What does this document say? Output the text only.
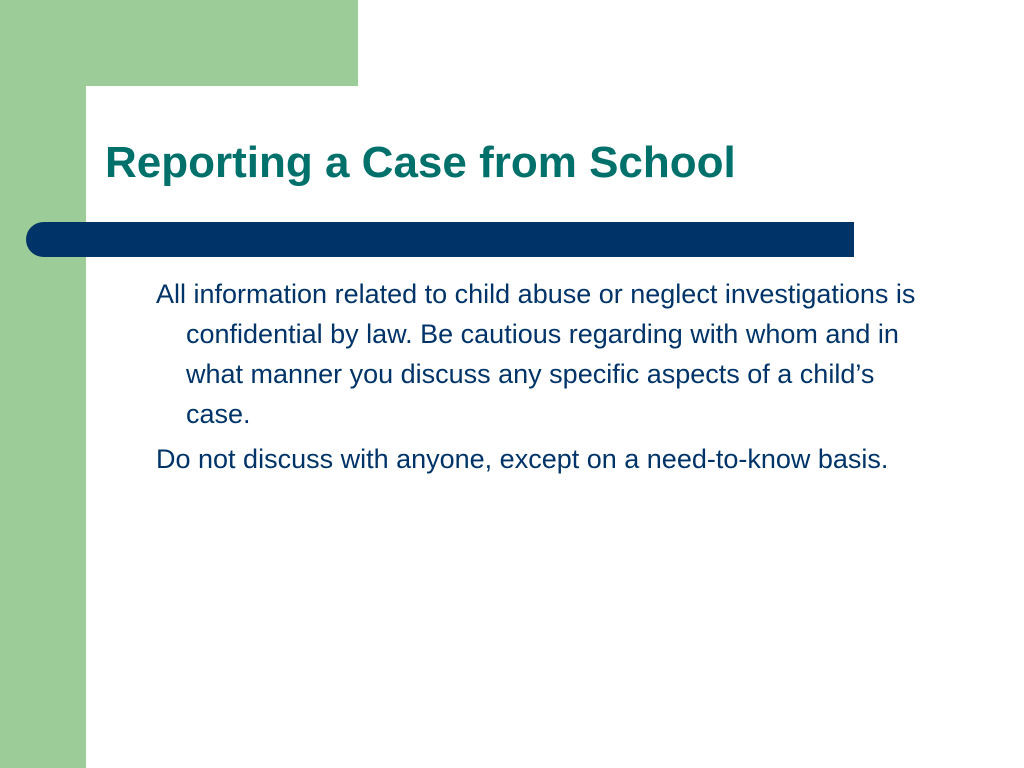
Reporting a Case from School
All information related to child abuse or neglect investigations is confidential by law. Be cautious regarding with whom and in what manner you discuss any specific aspects of a child’s case.
Do not discuss with anyone, except on a need-to-know basis.
